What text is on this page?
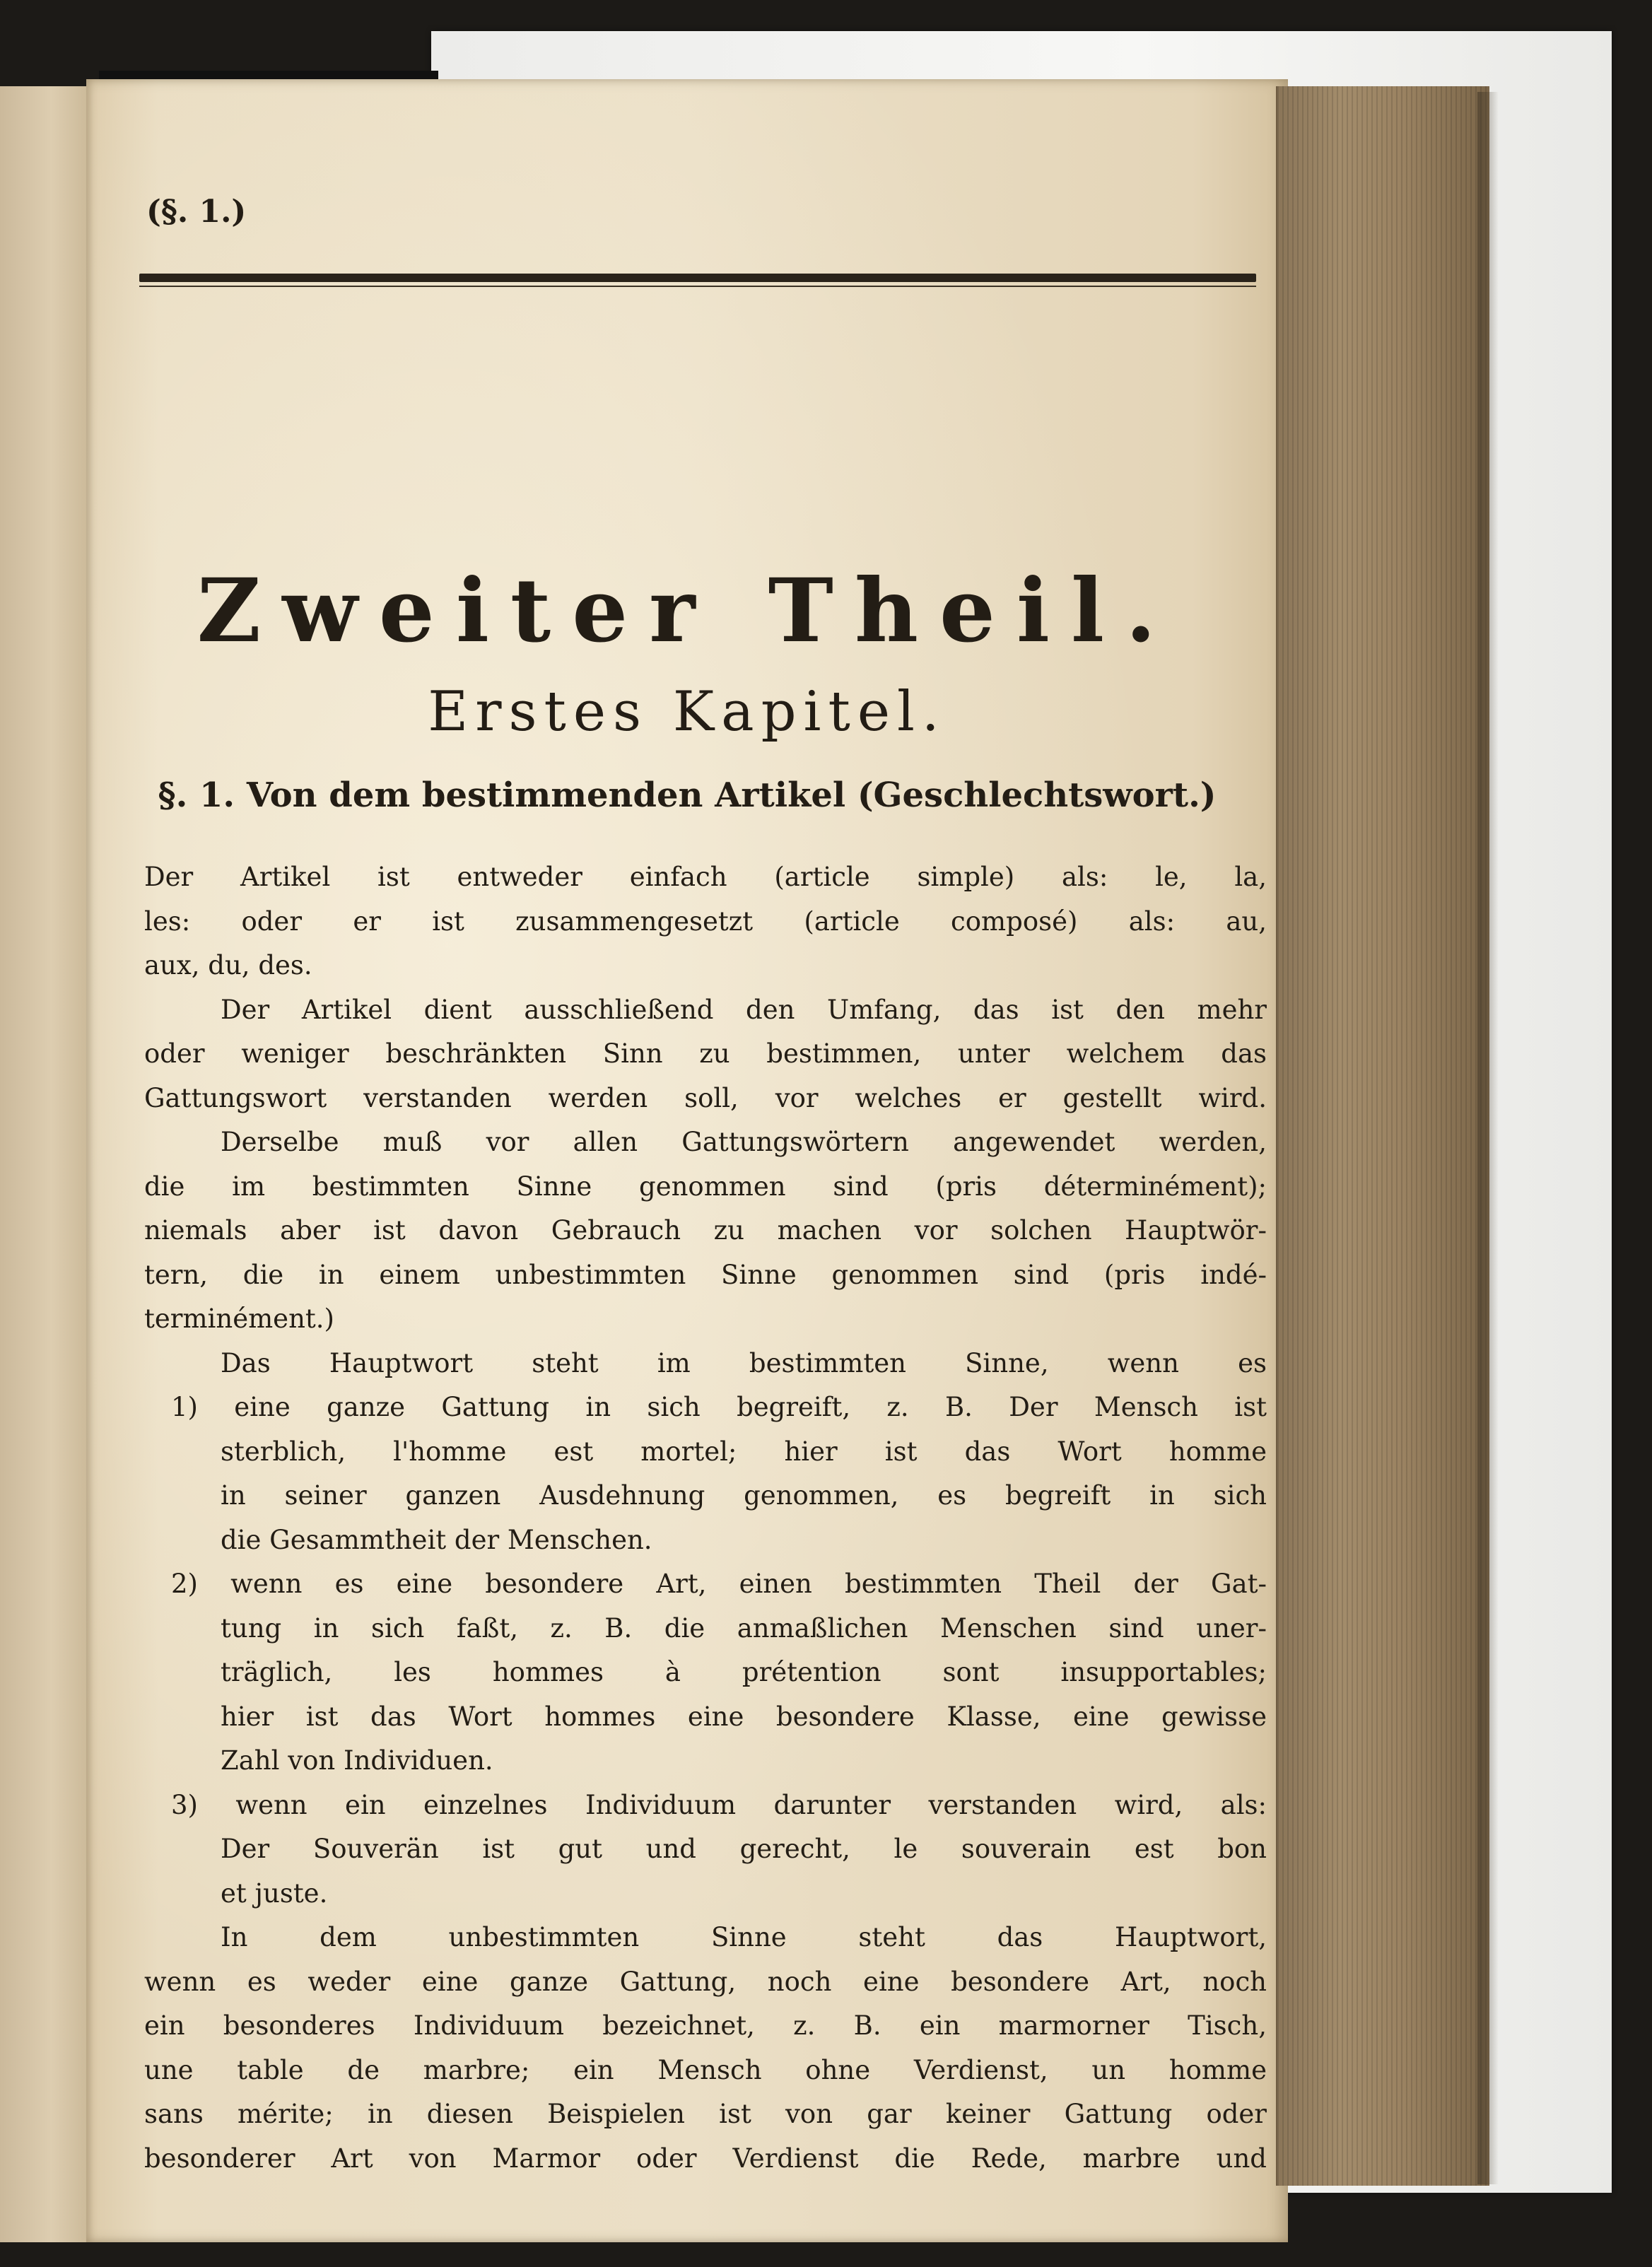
(§. 1.)
Zweiter Theil.
Erstes Kapitel.
§. 1. Von dem bestimmenden Artikel (Geschlechtswort.)
Der Artikel ist entweder einfach (article simple) als: le, la,
les: oder er ist zusammengesetzt (article composé) als: au,
aux, du, des.
Der Artikel dient ausschließend den Umfang, das ist den mehr
oder weniger beschränkten Sinn zu bestimmen, unter welchem das
Gattungswort verstanden werden soll, vor welches er gestellt wird.
Derselbe muß vor allen Gattungswörtern angewendet werden,
die im bestimmten Sinne genommen sind (pris déterminément);
niemals aber ist davon Gebrauch zu machen vor solchen Hauptwör-
tern, die in einem unbestimmten Sinne genommen sind (pris indé-
terminément.)
Das Hauptwort steht im bestimmten Sinne, wenn es
1) eine ganze Gattung in sich begreift, z. B. Der Mensch ist
sterblich, l'homme est mortel; hier ist das Wort homme
in seiner ganzen Ausdehnung genommen, es begreift in sich
die Gesammtheit der Menschen.
2) wenn es eine besondere Art, einen bestimmten Theil der Gat-
tung in sich faßt, z. B. die anmaßlichen Menschen sind uner-
träglich, les hommes à prétention sont insupportables;
hier ist das Wort hommes eine besondere Klasse, eine gewisse
Zahl von Individuen.
3) wenn ein einzelnes Individuum darunter verstanden wird, als:
Der Souverän ist gut und gerecht, le souverain est bon
et juste.
In dem unbestimmten Sinne steht das Hauptwort,
wenn es weder eine ganze Gattung, noch eine besondere Art, noch
ein besonderes Individuum bezeichnet, z. B. ein marmorner Tisch,
une table de marbre; ein Mensch ohne Verdienst, un homme
sans mérite; in diesen Beispielen ist von gar keiner Gattung oder
besonderer Art von Marmor oder Verdienst die Rede, marbre und
